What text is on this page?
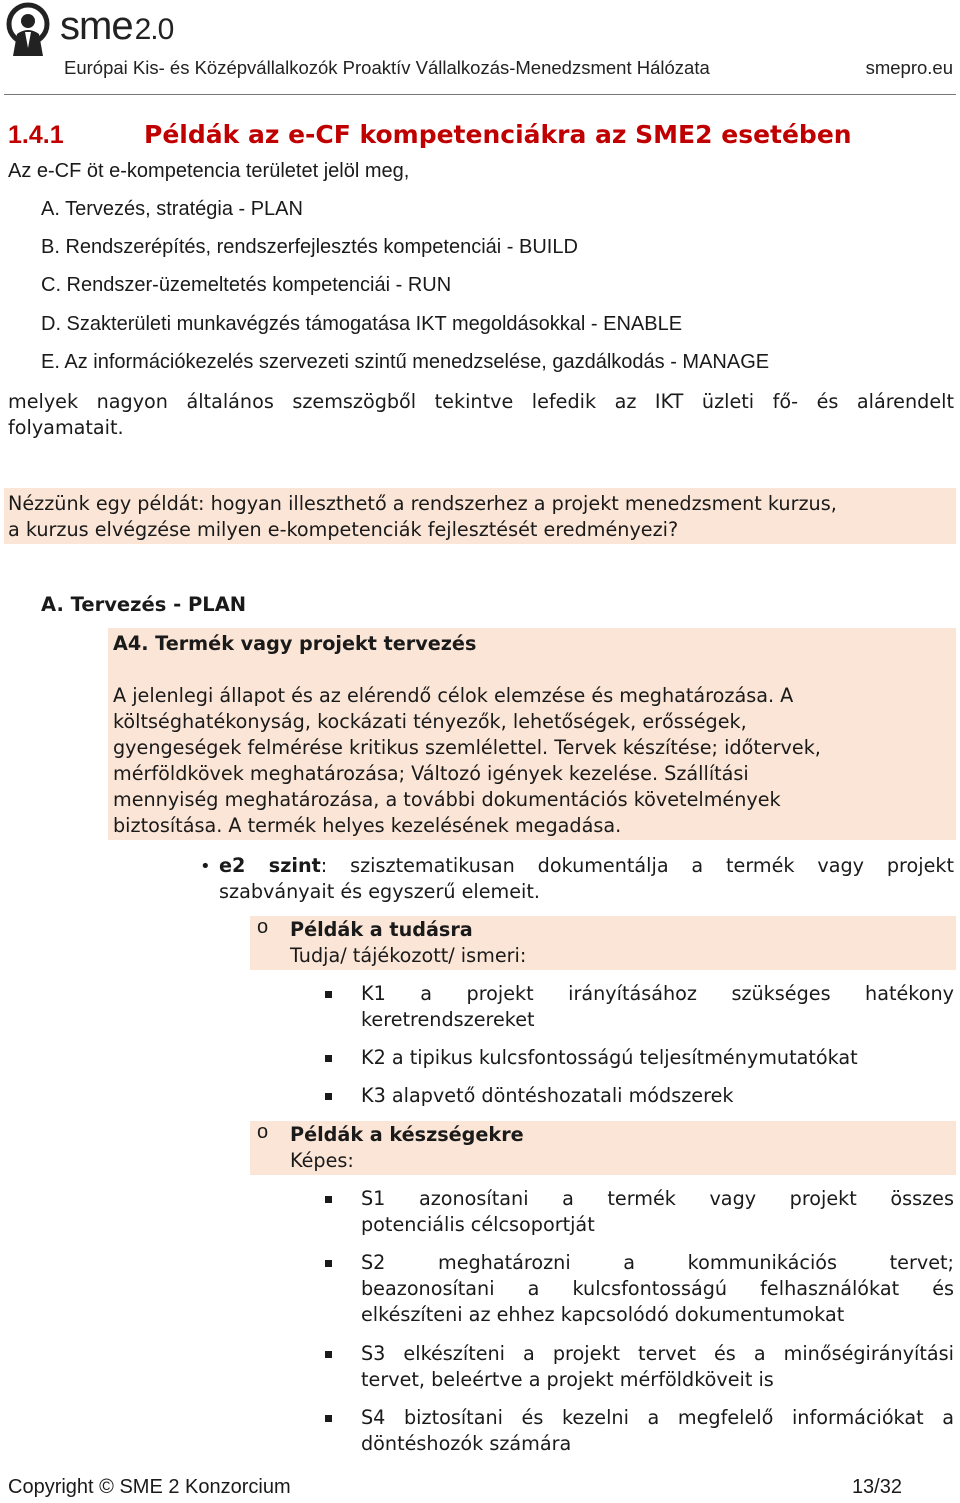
sme2.0
Európai Kis- és Középvállalkozók Proaktív Vállalkozás-Menedzsment Hálózata	smepro.eu
1.4.1	Példák az e-CF kompetenciákra az SME2 esetében
Az e-CF öt e-kompetencia területet jelöl meg,
A. Tervezés, stratégia - PLAN
B. Rendszerépítés, rendszerfejlesztés kompetenciái - BUILD
C. Rendszer-üzemeltetés kompetenciái - RUN
D. Szakterületi munkavégzés támogatása IKT megoldásokkal - ENABLE
E. Az információkezelés szervezeti szintű menedzselése, gazdálkodás - MANAGE
melyek nagyon általános szemszögből tekintve lefedik az IKT üzleti fő- és alárendelt
folyamatait.
Nézzünk egy példát: hogyan illeszthető a rendszerhez a projekt menedzsment kurzus,
a kurzus elvégzése milyen e-kompetenciák fejlesztését eredményezi?
A. Tervezés - PLAN
A4. Termék vagy projekt tervezés
A jelenlegi állapot és az elérendő célok elemzése és meghatározása. A
költséghatékonyság, kockázati tényezők, lehetőségek, erősségek,
gyengeségek felmérése kritikus szemlélettel. Tervek készítése; időtervek,
mérföldkövek meghatározása; Változó igények kezelése. Szállítási
mennyiség meghatározása, a további dokumentációs követelmények
biztosítása. A termék helyes kezelésének megadása.
• e2 szint: szisztematikusan dokumentálja a termék vagy projekt
szabványait és egyszerű elemeit.
o Példák a tudásra
Tudja/ tájékozott/ ismeri:
K1 a projekt irányításához szükséges hatékony
keretrendszereket
K2 a tipikus kulcsfontosságú teljesítménymutatókat
K3 alapvető döntéshozatali módszerek
o Példák a készségekre
Képes:
S1 azonosítani a termék vagy projekt összes
potenciális célcsoportját
S2 meghatározni a kommunikációs tervet;
beazonosítani a kulcsfontosságú felhasználókat és
elkészíteni az ehhez kapcsolódó dokumentumokat
S3 elkészíteni a projekt tervet és a minőségirányítási
tervet, beleértve a projekt mérföldköveit is
S4 biztosítani és kezelni a megfelelő információkat a
döntéshozók számára
Copyright © SME 2 Konzorcium	13/32
